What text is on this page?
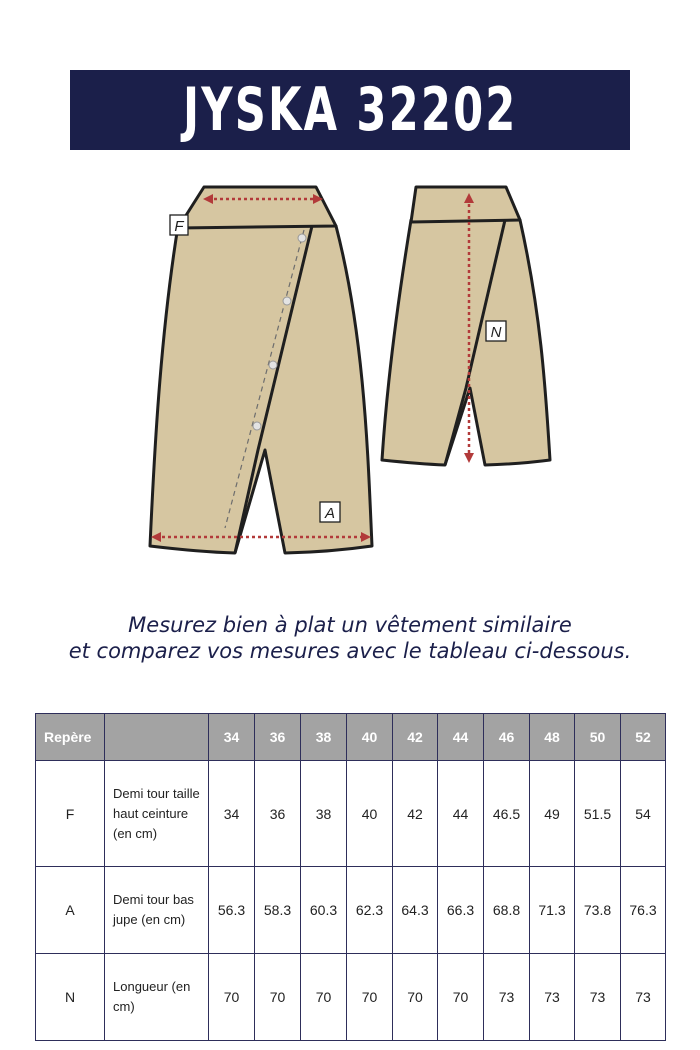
JYSKA 32202
F
A
N
Mesurez bien à plat un vêtement similaire
et comparez vos mesures avec le tableau ci-dessous.
Repère		34	36	38	40	42	44	46	48	50	52
F	Demi tour taille haut ceinture (en cm)	34	36	38	40	42	44	46.5	49	51.5	54
A	Demi tour bas jupe (en cm)	56.3	58.3	60.3	62.3	64.3	66.3	68.8	71.3	73.8	76.3
N	Longueur (en cm)	70	70	70	70	70	70	73	73	73	73
